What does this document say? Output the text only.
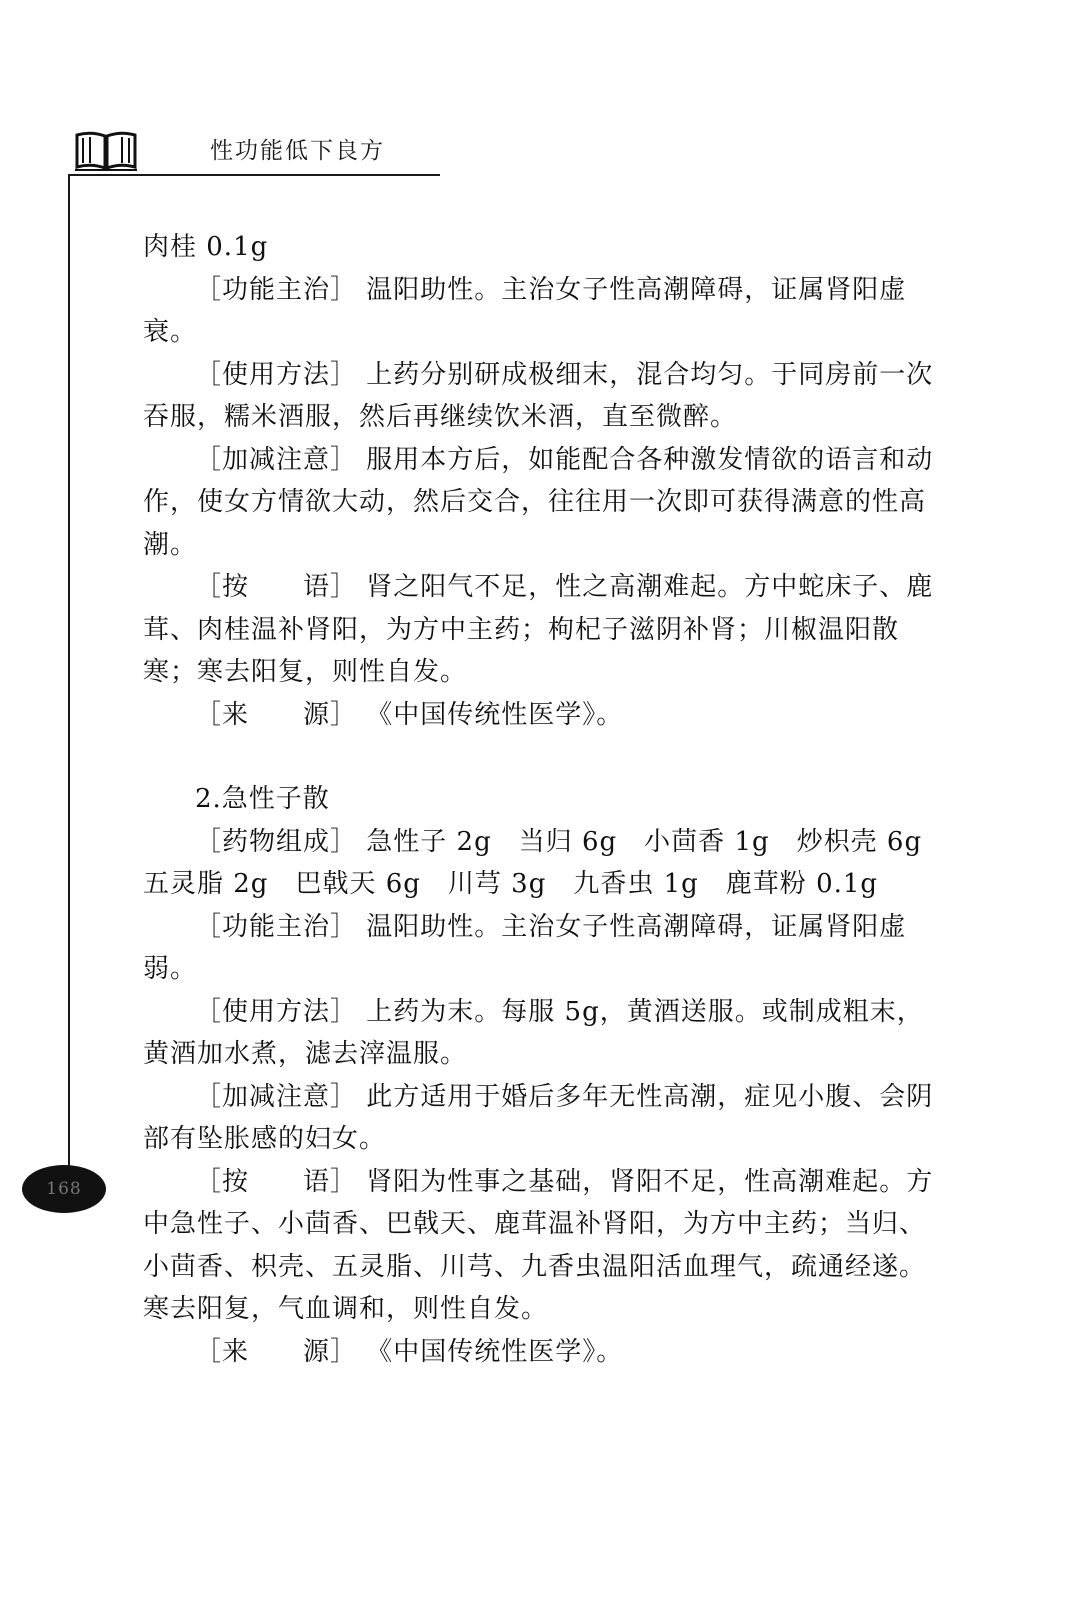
性功能低下良方
168

肉桂 0.1g

［功能主治］ 温阳助性。主治女子性高潮障碍，证属肾阳虚衰。

［使用方法］ 上药分别研成极细末，混合均匀。于同房前一次吞服，糯米酒服，然后再继续饮米酒，直至微醉。

［加减注意］ 服用本方后，如能配合各种激发情欲的语言和动作，使女方情欲大动，然后交合，往往用一次即可获得满意的性高潮。

［按　　语］ 肾之阳气不足，性之高潮难起。方中蛇床子、鹿茸、肉桂温补肾阳，为方中主药；枸杞子滋阴补肾；川椒温阳散寒；寒去阳复，则性自发。

［来　　源］ 《中国传统性医学》。

2.急性子散

［药物组成］ 急性子 2g　当归 6g　小茴香 1g　炒枳壳 6g

五灵脂 2g　巴戟天 6g　川芎 3g　九香虫 1g　鹿茸粉 0.1g

［功能主治］ 温阳助性。主治女子性高潮障碍，证属肾阳虚弱。

［使用方法］ 上药为末。每服 5g，黄酒送服。或制成粗末，黄酒加水煮，滤去滓温服。

［加减注意］ 此方适用于婚后多年无性高潮，症见小腹、会阴部有坠胀感的妇女。

［按　　语］ 肾阳为性事之基础，肾阳不足，性高潮难起。方中急性子、小茴香、巴戟天、鹿茸温补肾阳，为方中主药；当归、小茴香、枳壳、五灵脂、川芎、九香虫温阳活血理气，疏通经遂。寒去阳复，气血调和，则性自发。

［来　　源］ 《中国传统性医学》。
